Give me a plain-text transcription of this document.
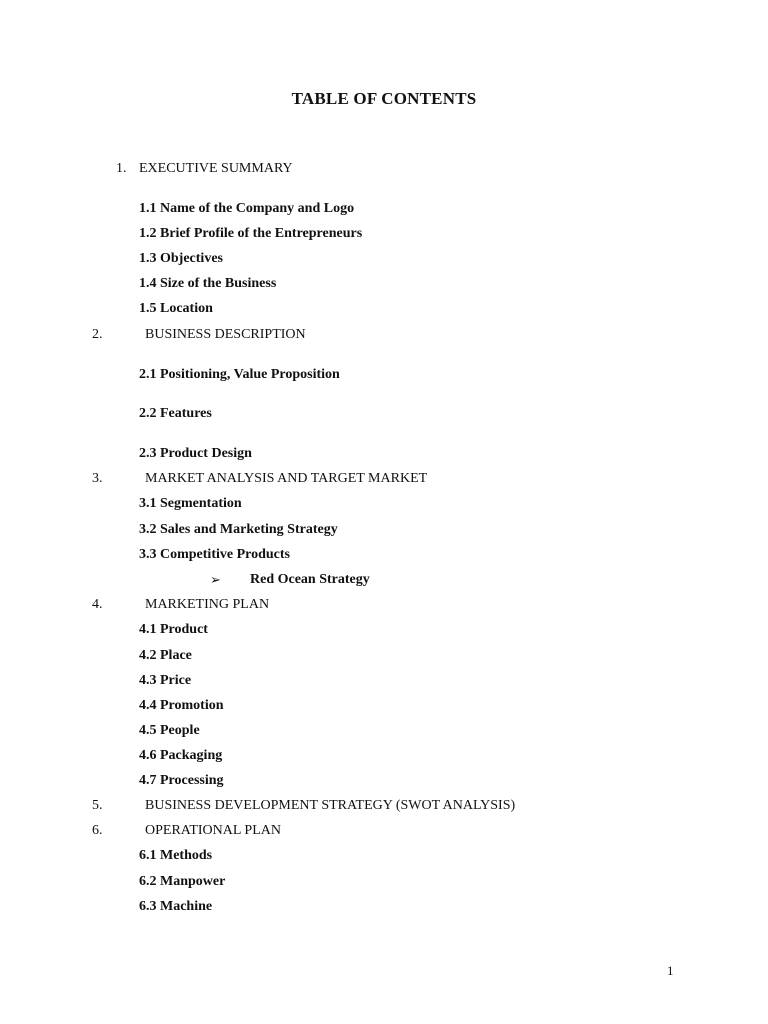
TABLE OF CONTENTS
1. EXECUTIVE SUMMARY
1.1 Name of the Company and Logo
1.2 Brief Profile of the Entrepreneurs
1.3 Objectives
1.4 Size of the Business
1.5 Location
2.	BUSINESS DESCRIPTION
2.1 Positioning, Value Proposition
2.2 Features
2.3 Product Design
3.	MARKET ANALYSIS AND TARGET MARKET
3.1 Segmentation
3.2 Sales and Marketing Strategy
3.3 Competitive Products
➢ Red Ocean Strategy
4.	MARKETING PLAN
4.1 Product
4.2 Place
4.3 Price
4.4 Promotion
4.5 People
4.6 Packaging
4.7 Processing
5.	BUSINESS DEVELOPMENT STRATEGY (SWOT ANALYSIS)
6.	OPERATIONAL PLAN
6.1 Methods
6.2 Manpower
6.3 Machine
1
